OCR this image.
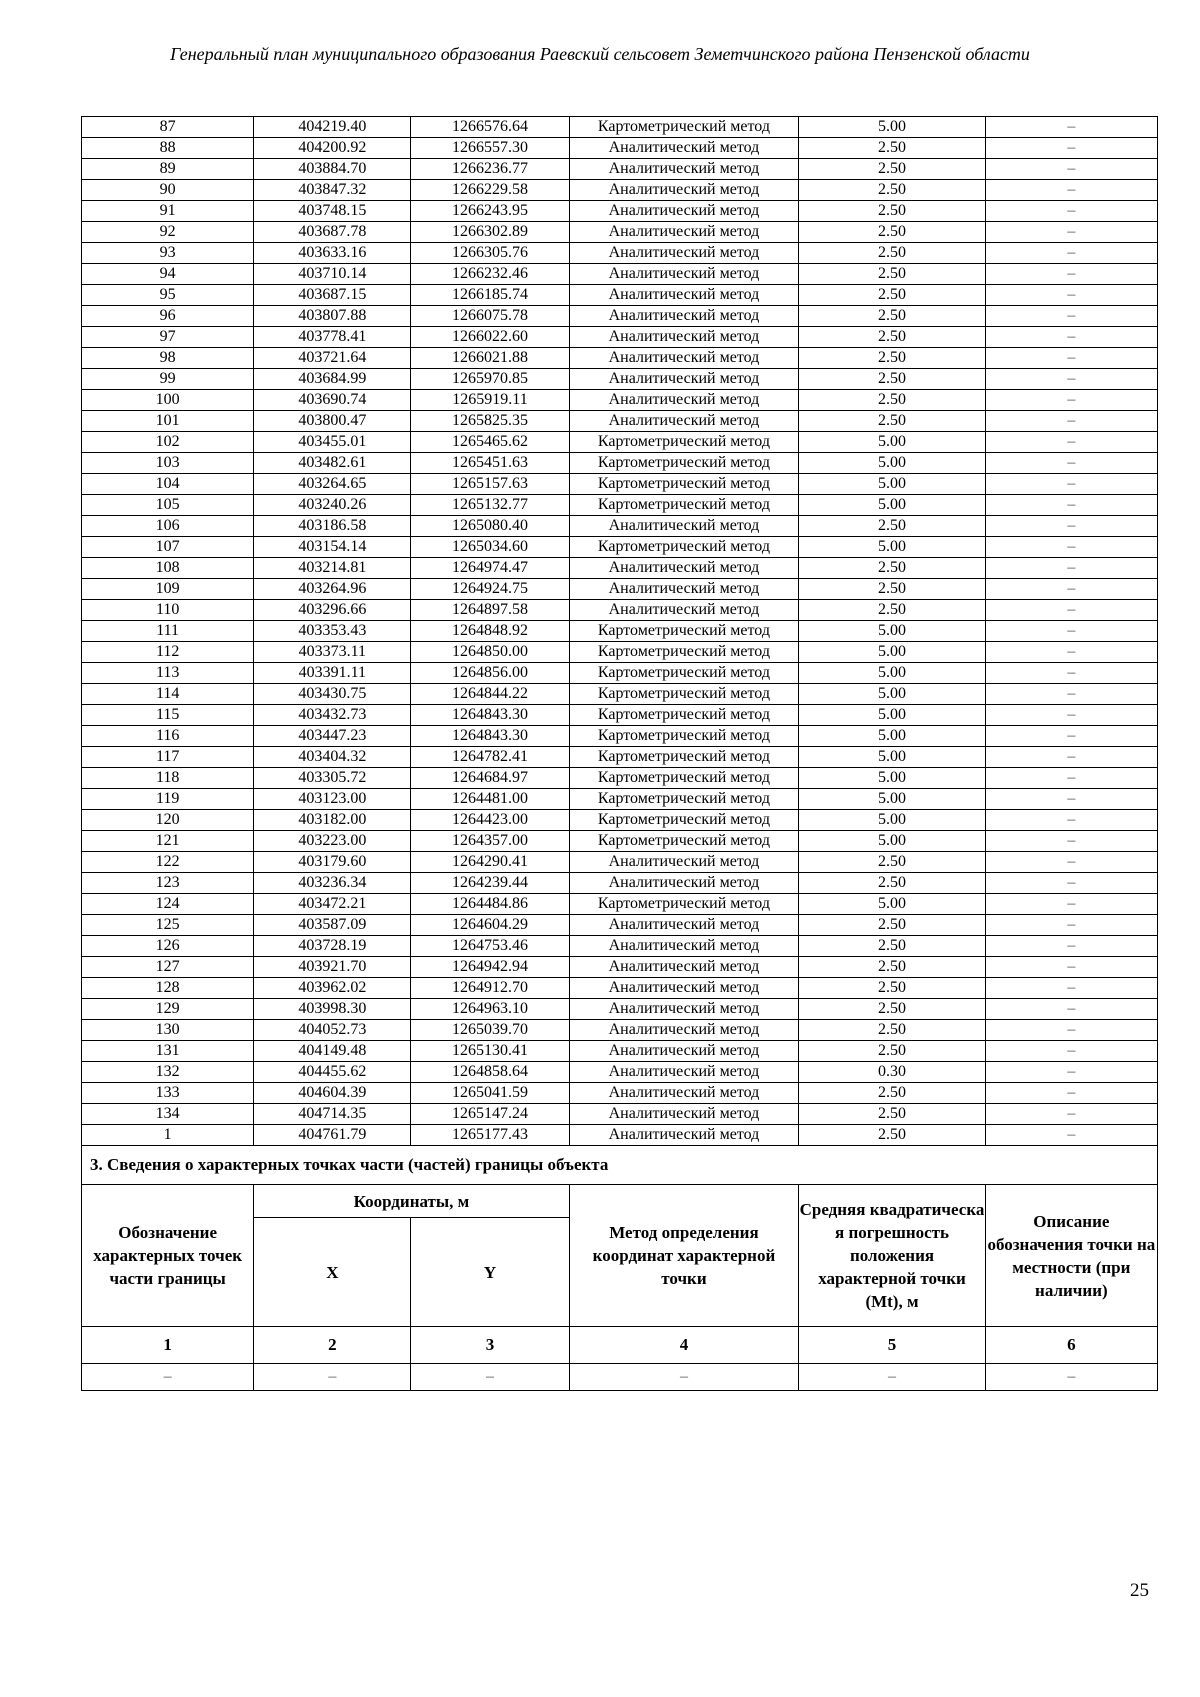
Генеральный план муниципального образования Раевский сельсовет Земетчинского района Пензенской области
87	404219.40	1266576.64	Картометрический метод	5.00	–
88	404200.92	1266557.30	Аналитический метод	2.50	–
89	403884.70	1266236.77	Аналитический метод	2.50	–
90	403847.32	1266229.58	Аналитический метод	2.50	–
91	403748.15	1266243.95	Аналитический метод	2.50	–
92	403687.78	1266302.89	Аналитический метод	2.50	–
93	403633.16	1266305.76	Аналитический метод	2.50	–
94	403710.14	1266232.46	Аналитический метод	2.50	–
95	403687.15	1266185.74	Аналитический метод	2.50	–
96	403807.88	1266075.78	Аналитический метод	2.50	–
97	403778.41	1266022.60	Аналитический метод	2.50	–
98	403721.64	1266021.88	Аналитический метод	2.50	–
99	403684.99	1265970.85	Аналитический метод	2.50	–
100	403690.74	1265919.11	Аналитический метод	2.50	–
101	403800.47	1265825.35	Аналитический метод	2.50	–
102	403455.01	1265465.62	Картометрический метод	5.00	–
103	403482.61	1265451.63	Картометрический метод	5.00	–
104	403264.65	1265157.63	Картометрический метод	5.00	–
105	403240.26	1265132.77	Картометрический метод	5.00	–
106	403186.58	1265080.40	Аналитический метод	2.50	–
107	403154.14	1265034.60	Картометрический метод	5.00	–
108	403214.81	1264974.47	Аналитический метод	2.50	–
109	403264.96	1264924.75	Аналитический метод	2.50	–
110	403296.66	1264897.58	Аналитический метод	2.50	–
111	403353.43	1264848.92	Картометрический метод	5.00	–
112	403373.11	1264850.00	Картометрический метод	5.00	–
113	403391.11	1264856.00	Картометрический метод	5.00	–
114	403430.75	1264844.22	Картометрический метод	5.00	–
115	403432.73	1264843.30	Картометрический метод	5.00	–
116	403447.23	1264843.30	Картометрический метод	5.00	–
117	403404.32	1264782.41	Картометрический метод	5.00	–
118	403305.72	1264684.97	Картометрический метод	5.00	–
119	403123.00	1264481.00	Картометрический метод	5.00	–
120	403182.00	1264423.00	Картометрический метод	5.00	–
121	403223.00	1264357.00	Картометрический метод	5.00	–
122	403179.60	1264290.41	Аналитический метод	2.50	–
123	403236.34	1264239.44	Аналитический метод	2.50	–
124	403472.21	1264484.86	Картометрический метод	5.00	–
125	403587.09	1264604.29	Аналитический метод	2.50	–
126	403728.19	1264753.46	Аналитический метод	2.50	–
127	403921.70	1264942.94	Аналитический метод	2.50	–
128	403962.02	1264912.70	Аналитический метод	2.50	–
129	403998.30	1264963.10	Аналитический метод	2.50	–
130	404052.73	1265039.70	Аналитический метод	2.50	–
131	404149.48	1265130.41	Аналитический метод	2.50	–
132	404455.62	1264858.64	Аналитический метод	0.30	–
133	404604.39	1265041.59	Аналитический метод	2.50	–
134	404714.35	1265147.24	Аналитический метод	2.50	–
1	404761.79	1265177.43	Аналитический метод	2.50	–
3. Сведения о характерных точках части (частей) границы объекта					
Обозначение характерных точек части границы	Координаты, м		Метод определения координат характерной точки	Средняя квадратическа я погрешность положения характерной точки (Мt), м	Описание обозначения точки на местности (при наличии)
	X	Y			
1	2	3	4	5	6
–	–	–	–	–	–
25
